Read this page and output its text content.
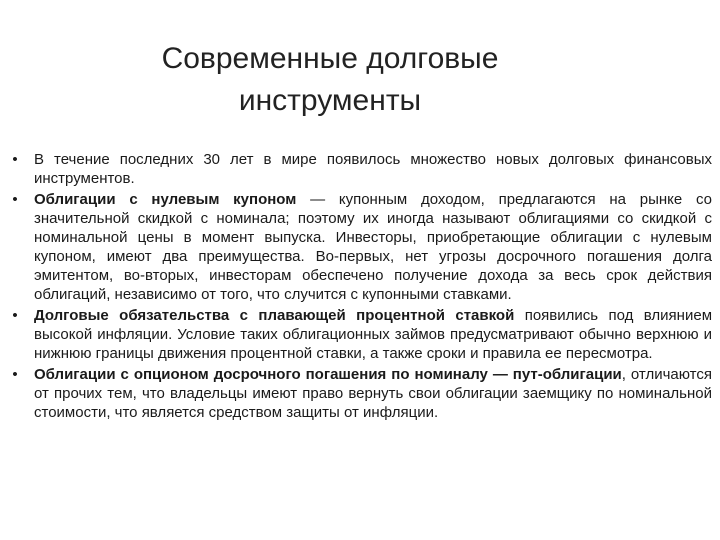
Современные долговые
инструменты
• В течение последних 30 лет в мире появилось множество новых долговых финансовых инструментов.
• Облигации с нулевым купоном — купонным доходом, предлагаются на рынке со значительной скидкой с номинала; поэтому их иногда называют облигациями со скидкой с номинальной цены в момент выпуска. Инвесторы, приобретающие облигации с нулевым купоном, имеют два преимущества. Во-первых, нет угрозы досрочного погашения долга эмитентом, во-вторых, инвесторам обеспечено получение дохода за весь срок действия облигаций, независимо от того, что случится с купонными ставками.
• Долговые обязательства с плавающей процентной ставкой появились под влиянием высокой инфляции. Условие таких облигационных займов предусматривают обычно верхнюю и нижнюю границы движения процентной ставки, а также сроки и правила ее пересмотра.
• Облигации с опционом досрочного погашения по номиналу — пут-облигации, отличаются от прочих тем, что владельцы имеют право вернуть свои облигации заемщику по номинальной стоимости, что является средством защиты от инфляции.
